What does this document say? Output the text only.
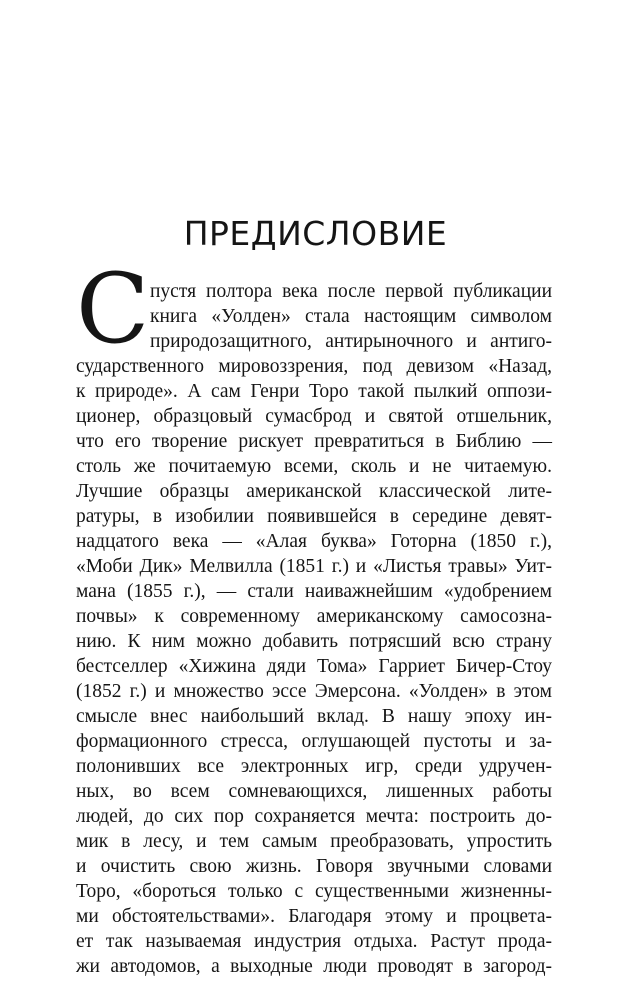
ПРЕДИСЛОВИЕ
С пустя полтора века после первой публикации
книга «Уолден» стала настоящим символом
природозащитного, антирыночного и антиго-
сударственного мировоззрения, под девизом «Назад,
к природе». А сам Генри Торо такой пылкий оппози-
ционер, образцовый сумасброд и святой отшельник,
что его творение рискует превратиться в Библию —
столь же почитаемую всеми, сколь и не читаемую.
Лучшие образцы американской классической лите-
ратуры, в изобилии появившейся в середине девят-
надцатого века — «Алая буква» Готорна (1850 г.),
«Моби Дик» Мелвилла (1851 г.) и «Листья травы» Уит-
мана (1855 г.), — стали наиважнейшим «удобрением
почвы» к современному американскому самосозна-
нию. К ним можно добавить потрясший всю страну
бестселлер «Хижина дяди Тома» Гарриет Бичер-Стоу
(1852 г.) и множество эссе Эмерсона. «Уолден» в этом
смысле внес наибольший вклад. В нашу эпоху ин-
формационного стресса, оглушающей пустоты и за-
полонивших все электронных игр, среди удручен-
ных, во всем сомневающихся, лишенных работы
людей, до сих пор сохраняется мечта: построить до-
мик в лесу, и тем самым преобразовать, упростить
и очистить свою жизнь. Говоря звучными словами
Торо, «бороться только с существенными жизненны-
ми обстоятельствами». Благодаря этому и процвета-
ет так называемая индустрия отдыха. Растут прода-
жи автодомов, а выходные люди проводят в загород-
